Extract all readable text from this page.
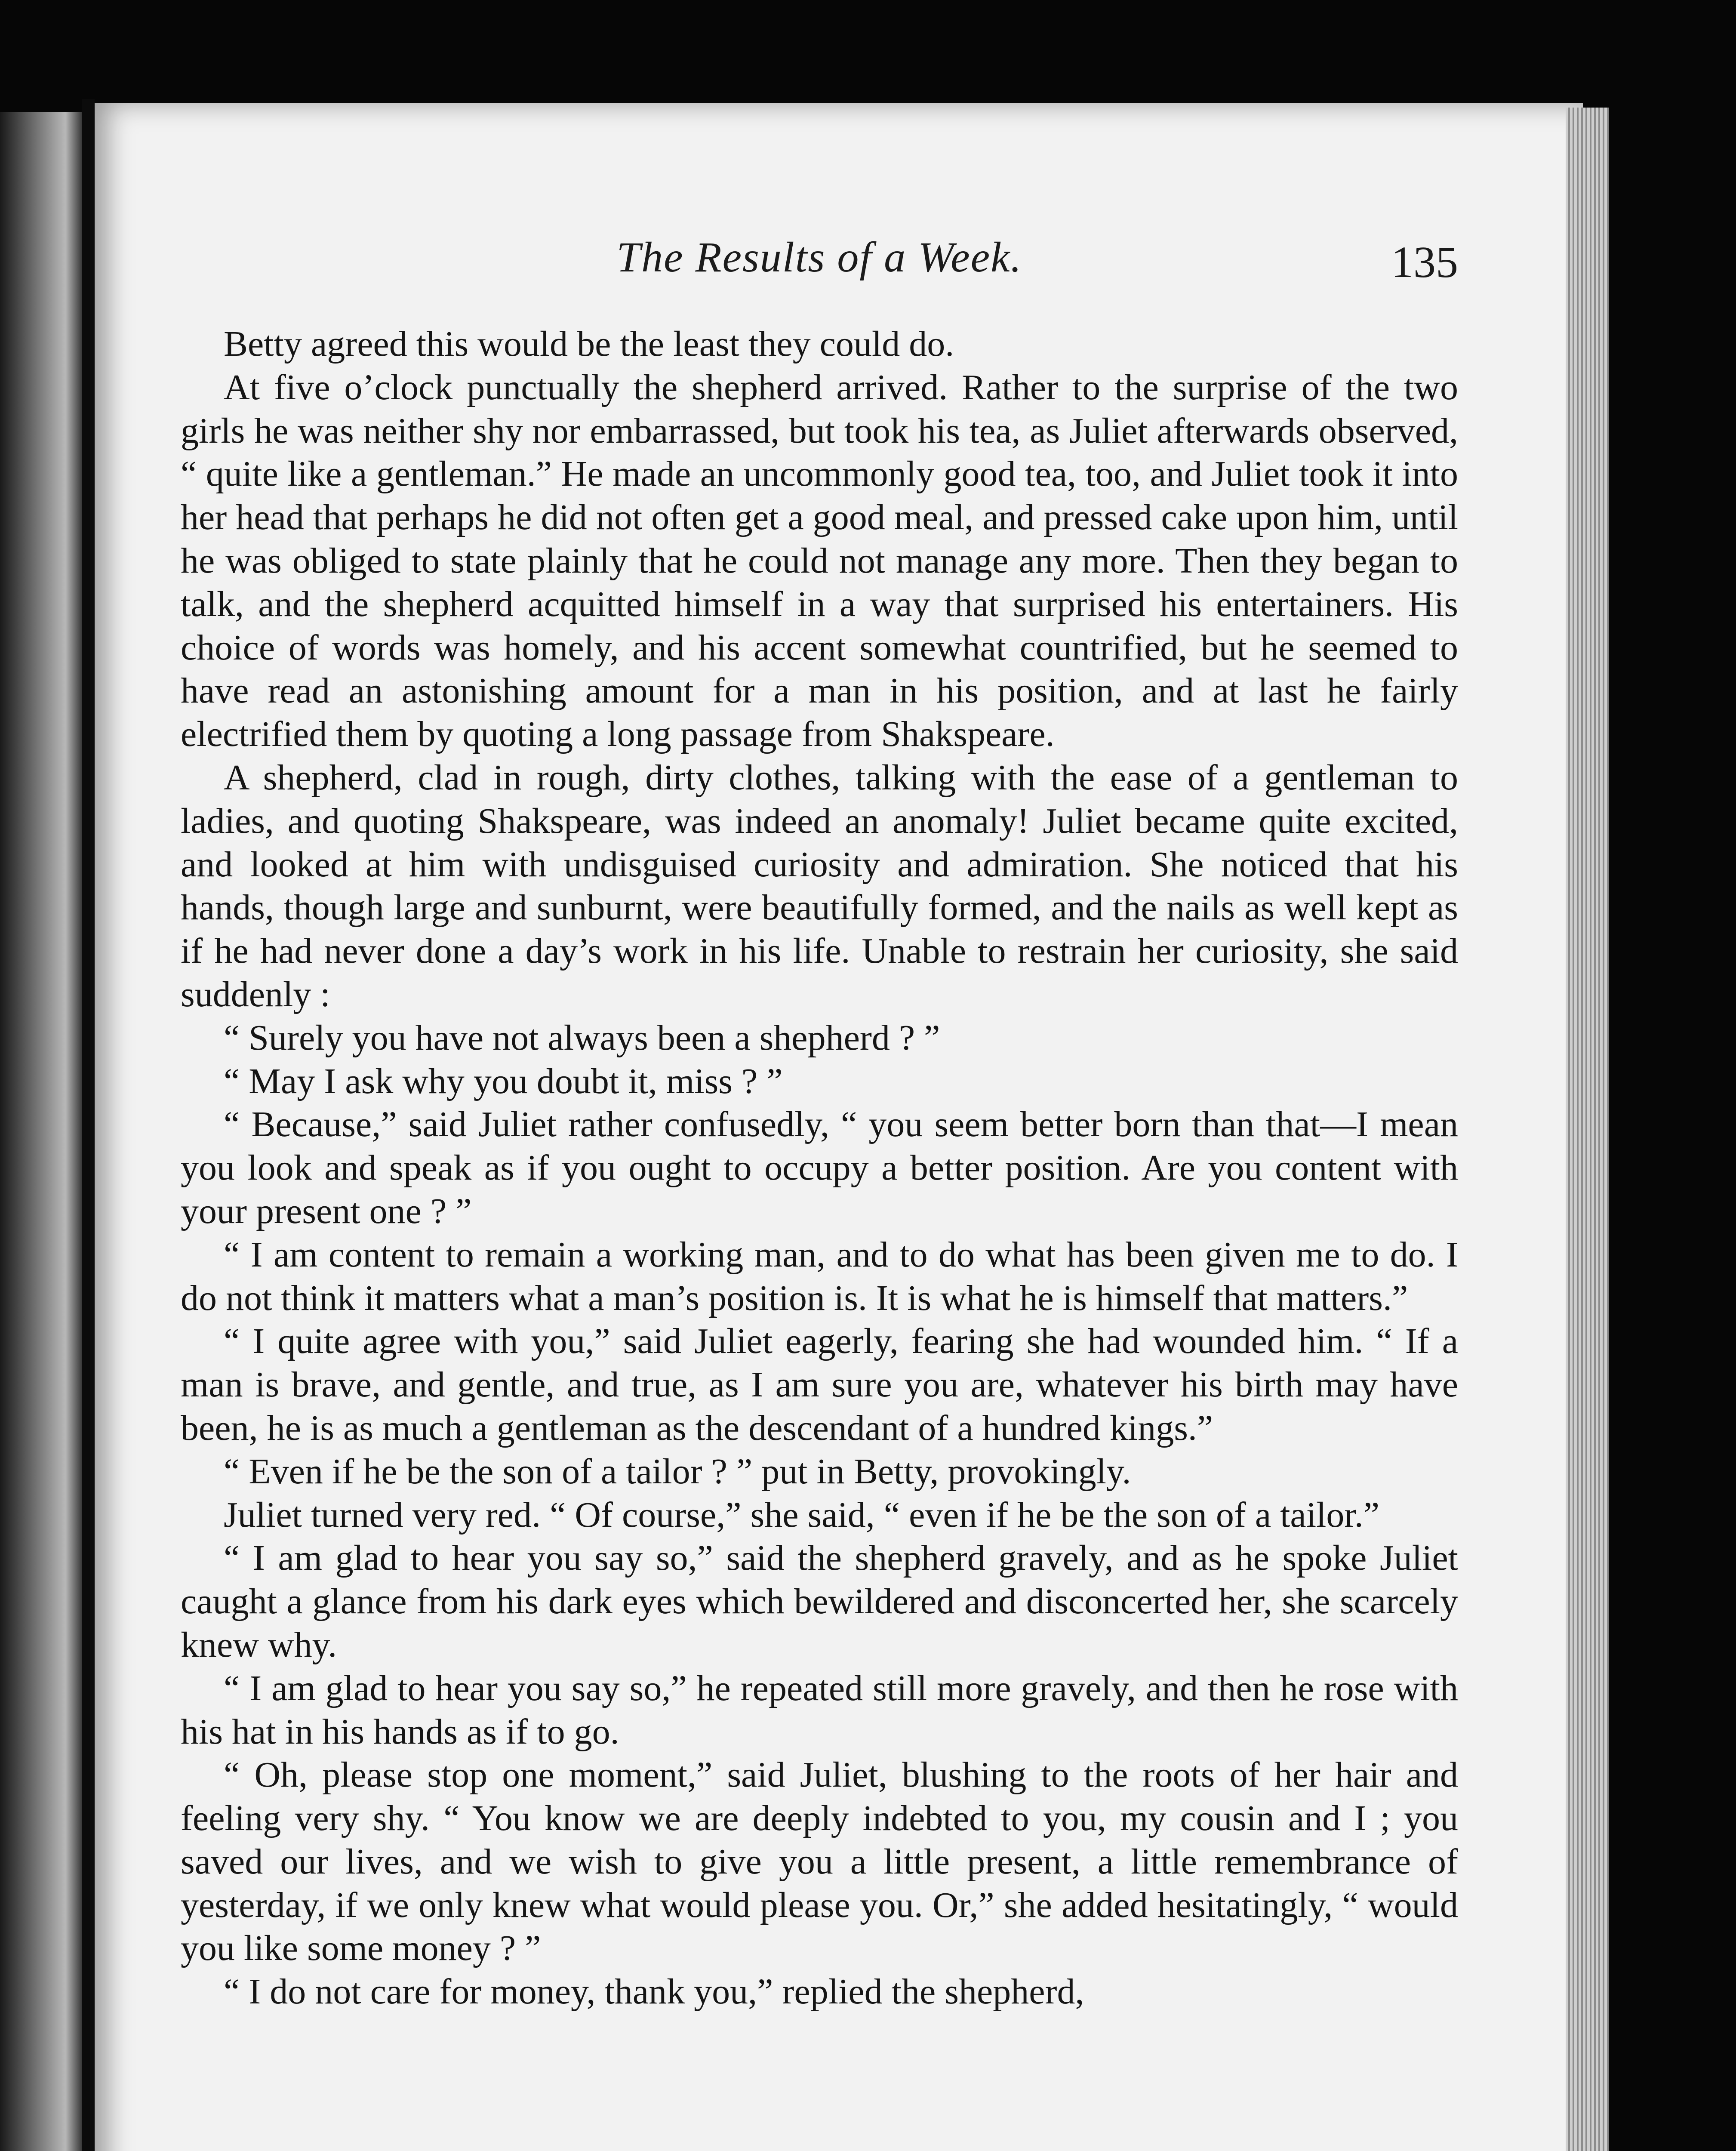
The Results of a Week.	135

Betty agreed this would be the least they could do.

At five o’clock punctually the shepherd arrived. Rather to the surprise of the two girls he was neither shy nor embarrassed, but took his tea, as Juliet afterwards observed, “ quite like a gentleman.” He made an uncommonly good tea, too, and Juliet took it into her head that perhaps he did not often get a good meal, and pressed cake upon him, until he was obliged to state plainly that he could not manage any more. Then they began to talk, and the shepherd acquitted himself in a way that surprised his entertainers. His choice of words was homely, and his accent somewhat countrified, but he seemed to have read an astonishing amount for a man in his position, and at last he fairly electrified them by quoting a long passage from Shakspeare.

A shepherd, clad in rough, dirty clothes, talking with the ease of a gentleman to ladies, and quoting Shakspeare, was indeed an anomaly! Juliet became quite excited, and looked at him with undisguised curiosity and admiration. She noticed that his hands, though large and sunburnt, were beautifully formed, and the nails as well kept as if he had never done a day’s work in his life. Unable to restrain her curiosity, she said suddenly :

“ Surely you have not always been a shepherd ? ”

“ May I ask why you doubt it, miss ? ”

“ Because,” said Juliet rather confusedly, “ you seem better born than that—I mean you look and speak as if you ought to occupy a better position. Are you content with your present one ? ”

“ I am content to remain a working man, and to do what has been given me to do. I do not think it matters what a man’s position is. It is what he is himself that matters.”

“ I quite agree with you,” said Juliet eagerly, fearing she had wounded him. “ If a man is brave, and gentle, and true, as I am sure you are, whatever his birth may have been, he is as much a gentleman as the descendant of a hundred kings.”

“ Even if he be the son of a tailor ? ” put in Betty, provokingly.

Juliet turned very red. “ Of course,” she said, “ even if he be the son of a tailor.”

“ I am glad to hear you say so,” said the shepherd gravely, and as he spoke Juliet caught a glance from his dark eyes which bewildered and disconcerted her, she scarcely knew why.

“ I am glad to hear you say so,” he repeated still more gravely, and then he rose with his hat in his hands as if to go.

“ Oh, please stop one moment,” said Juliet, blushing to the roots of her hair and feeling very shy. “ You know we are deeply indebted to you, my cousin and I ; you saved our lives, and we wish to give you a little present, a little remembrance of yesterday, if we only knew what would please you. Or,” she added hesitatingly, “ would you like some money ? ”

“ I do not care for money, thank you,” replied the shepherd,
